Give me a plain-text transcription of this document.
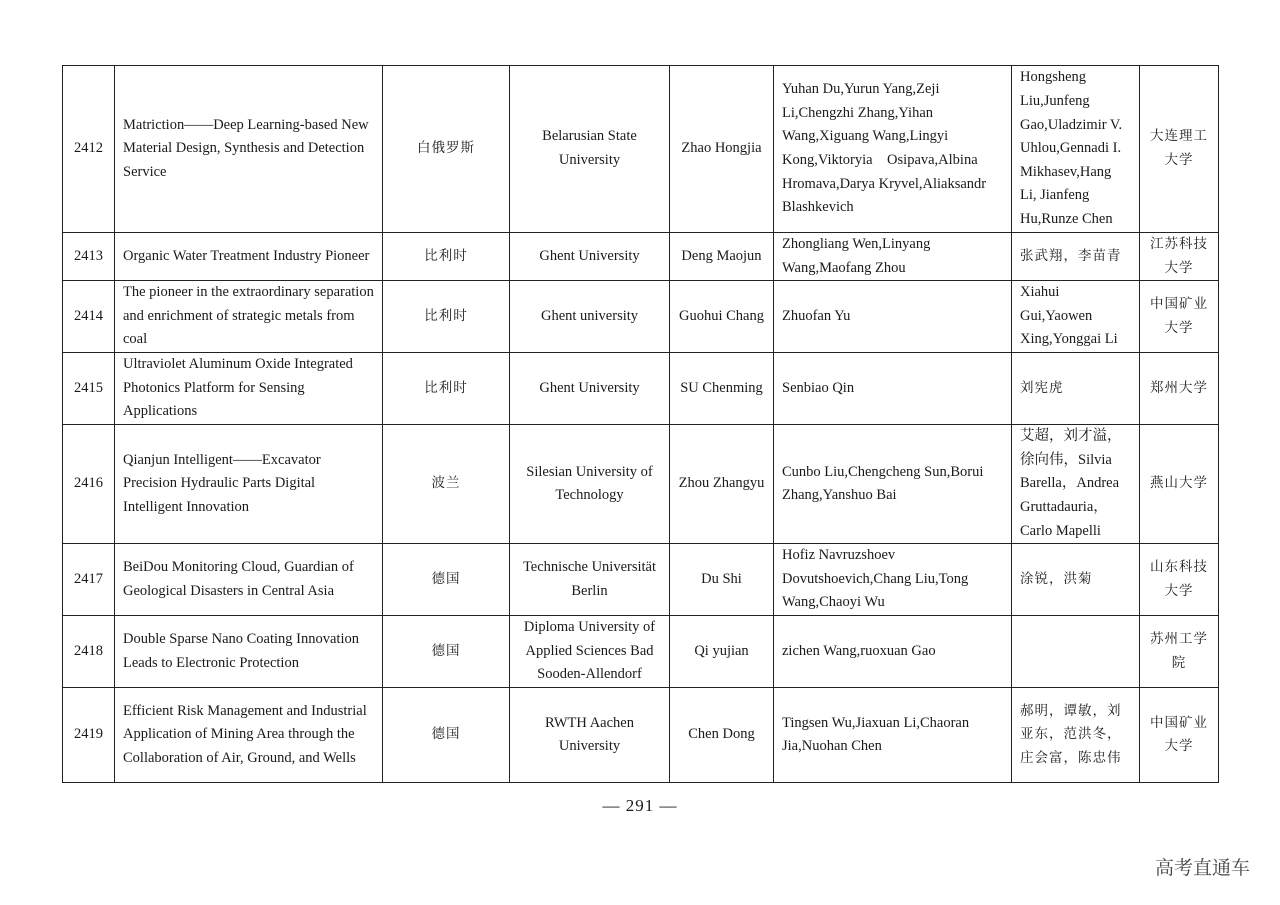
2412	Matriction——Deep Learning-based New Material Design, Synthesis and Detection Service	白俄罗斯	Belarusian State University	Zhao Hongjia	Yuhan Du,Yurun Yang,Zeji Li,Chengzhi Zhang,Yihan Wang,Xiguang Wang,Lingyi Kong,Viktoryia　Osipava,Albina Hromava,Darya Kryvel,Aliaksandr Blashkevich	Hongsheng Liu,Junfeng Gao,Uladzimir V. Uhlou,Gennadi I. Mikhasev,Hang Li, Jianfeng Hu,Runze Chen	大连理工大学
2413	Organic Water Treatment Industry Pioneer	比利时	Ghent University	Deng Maojun	Zhongliang Wen,Linyang Wang,Maofang Zhou	张武翔，李苗青	江苏科技大学
2414	The pioneer in the extraordinary separation and enrichment of strategic metals from coal	比利时	Ghent university	Guohui Chang	Zhuofan Yu	Xiahui Gui,Yaowen Xing,Yonggai Li	中国矿业大学
2415	Ultraviolet Aluminum Oxide Integrated Photonics Platform for Sensing Applications	比利时	Ghent University	SU Chenming	Senbiao Qin	刘宪虎	郑州大学
2416	Qianjun Intelligent——Excavator Precision Hydraulic Parts Digital Intelligent Innovation	波兰	Silesian University of Technology	Zhou Zhangyu	Cunbo Liu,Chengcheng Sun,Borui Zhang,Yanshuo Bai	艾超，刘才溢，徐向伟，Silvia Barella，Andrea Gruttadauria，Carlo Mapelli	燕山大学
2417	BeiDou Monitoring Cloud, Guardian of Geological Disasters in Central Asia	德国	Technische Universität Berlin	Du Shi	Hofiz Navruzshoev Dovutshoevich,Chang Liu,Tong Wang,Chaoyi Wu	涂锐，洪菊	山东科技大学
2418	Double Sparse Nano Coating Innovation Leads to Electronic Protection	德国	Diploma University of Applied Sciences Bad Sooden-Allendorf	Qi yujian	zichen Wang,ruoxuan Gao		苏州工学院
2419	Efficient Risk Management and Industrial Application of Mining Area through the Collaboration of Air, Ground, and Wells	德国	RWTH Aachen University	Chen Dong	Tingsen Wu,Jiaxuan Li,Chaoran Jia,Nuohan Chen	郝明，谭敏，刘亚东，范洪冬，庄会富，陈忠伟	中国矿业大学
— 291 —
高考直通车
